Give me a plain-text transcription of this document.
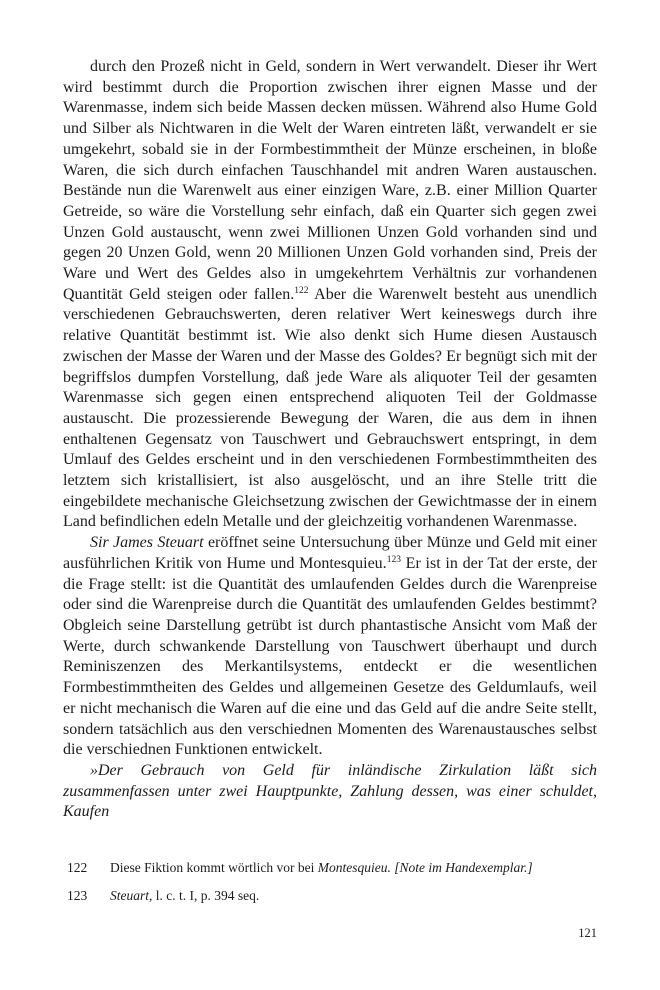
durch den Prozeß nicht in Geld, sondern in Wert verwandelt. Dieser ihr Wert wird bestimmt durch die Proportion zwischen ihrer eignen Masse und der Warenmasse, indem sich beide Massen decken müssen. Während also Hume Gold und Silber als Nichtwaren in die Welt der Waren eintreten läßt, verwandelt er sie umgekehrt, sobald sie in der Formbestimmtheit der Münze erscheinen, in bloße Waren, die sich durch einfachen Tauschhandel mit andren Waren austauschen. Bestände nun die Warenwelt aus einer einzigen Ware, z.B. einer Million Quarter Getreide, so wäre die Vorstellung sehr einfach, daß ein Quarter sich gegen zwei Unzen Gold austauscht, wenn zwei Millionen Unzen Gold vorhanden sind und gegen 20 Unzen Gold, wenn 20 Millionen Unzen Gold vorhanden sind, Preis der Ware und Wert des Geldes also in umgekehrtem Verhältnis zur vorhandenen Quantität Geld steigen oder fallen.$^{122}$ Aber die Warenwelt besteht aus unendlich verschiedenen Gebrauchswerten, deren relativer Wert keineswegs durch ihre relative Quantität bestimmt ist. Wie also denkt sich Hume diesen Austausch zwischen der Masse der Waren und der Masse des Goldes? Er begnügt sich mit der begriffslos dumpfen Vorstellung, daß jede Ware als aliquoter Teil der gesamten Warenmasse sich gegen einen entsprechend aliquoten Teil der Goldmasse austauscht. Die prozessierende Bewegung der Waren, die aus dem in ihnen enthaltenen Gegensatz von Tauschwert und Gebrauchswert entspringt, in dem Umlauf des Geldes erscheint und in den verschiedenen Formbestimmtheiten des letztem sich kristallisiert, ist also ausgelöscht, und an ihre Stelle tritt die eingebildete mechanische Gleichsetzung zwischen der Gewichtmasse der in einem Land befindlichen edeln Metalle und der gleichzeitig vorhandenen Warenmasse.

Sir James Steuart eröffnet seine Untersuchung über Münze und Geld mit einer ausführlichen Kritik von Hume und Montesquieu.$^{123}$ Er ist in der Tat der erste, der die Frage stellt: ist die Quantität des umlaufenden Geldes durch die Warenpreise oder sind die Warenpreise durch die Quantität des umlaufenden Geldes bestimmt? Obgleich seine Darstellung getrübt ist durch phantastische Ansicht vom Maß der Werte, durch schwankende Darstellung von Tauschwert überhaupt und durch Reminiszenzen des Merkantilsystems, entdeckt er die wesentlichen Formbestimmtheiten des Geldes und allgemeinen Gesetze des Geldumlaufs, weil er nicht mechanisch die Waren auf die eine und das Geld auf die andre Seite stellt, sondern tatsächlich aus den verschiednen Momenten des Warenaustausches selbst die verschiednen Funktionen entwickelt.

»Der Gebrauch von Geld für inländische Zirkulation läßt sich zusammenfassen unter zwei Hauptpunkte, Zahlung dessen, was einer schuldet, Kaufen

122	Diese Fiktion kommt wörtlich vor bei Montesquieu. [Note im Handexemplar.]
123	Steuart, l. c. t. I, p. 394 seq.
121
